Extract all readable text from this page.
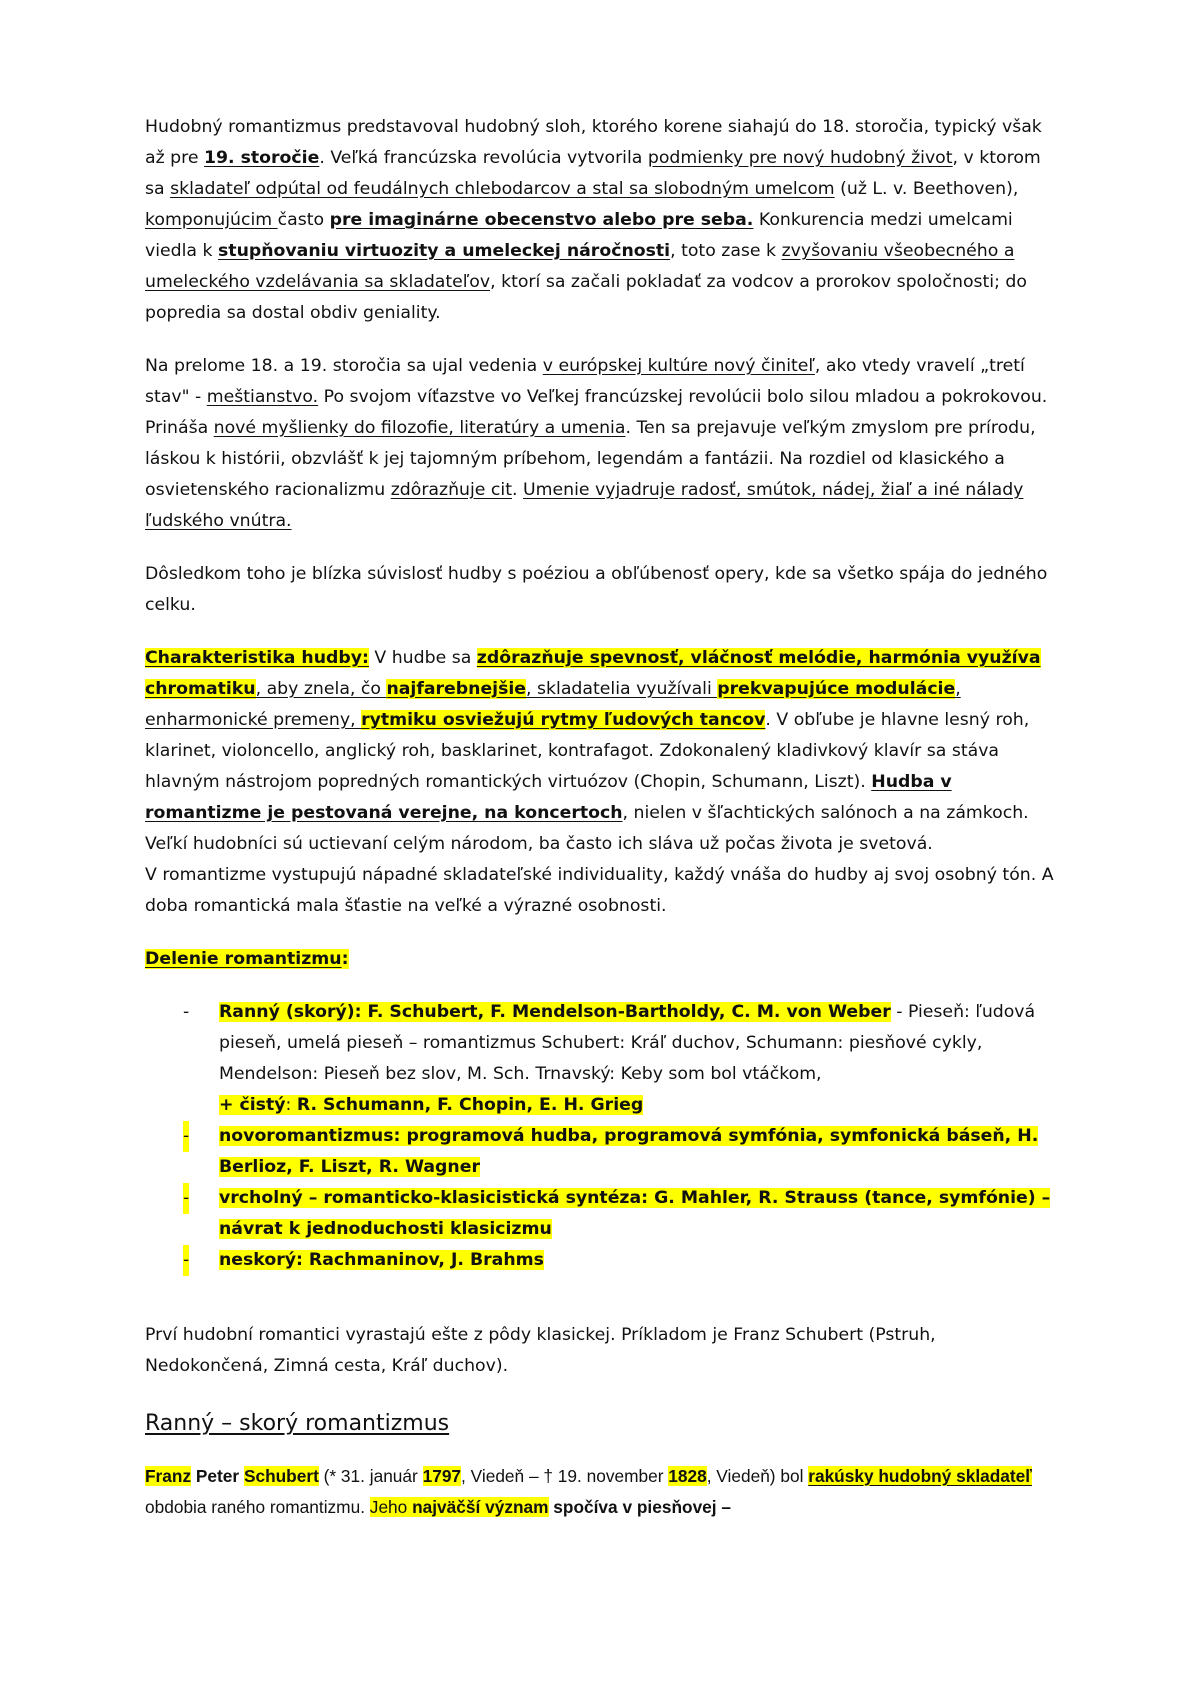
Hudobný romantizmus predstavoval hudobný sloh, ktorého korene siahajú do 18. storočia, typický však až pre 19. storočie. Veľká francúzska revolúcia vytvorila podmienky pre nový hudobný život, v ktorom sa skladateľ odpútal od feudálnych chlebodarcov a stal sa slobodným umelcom (už L. v. Beethoven), komponujúcim často pre imaginárne obecenstvo alebo pre seba. Konkurencia medzi umelcami viedla k stupňovaniu virtuozity a umeleckej náročnosti, toto zase k zvyšovaniu všeobecného a umeleckého vzdelávania sa skladateľov, ktorí sa začali pokladať za vodcov a prorokov spoločnosti; do popredia sa dostal obdiv geniality.

Na prelome 18. a 19. storočia sa ujal vedenia v európskej kultúre nový činiteľ, ako vtedy vravelí „tretí stav" - meštianstvo. Po svojom víťazstve vo Veľkej francúzskej revolúcii bolo silou mladou a pokrokovou. Prináša nové myšlienky do filozofie, literatúry a umenia. Ten sa prejavuje veľkým zmyslom pre prírodu, láskou k histórii, obzvlášť k jej tajomným príbehom, legendám a fantázii. Na rozdiel od klasického a osvietenského racionalizmu zdôrazňuje cit. Umenie vyjadruje radosť, smútok, nádej, žiaľ a iné nálady ľudského vnútra.

Dôsledkom toho je blízka súvislosť hudby s poéziou a obľúbenosť opery, kde sa všetko spája do jedného celku.

Charakteristika hudby: V hudbe sa zdôrazňuje spevnosť, vláčnosť melódie, harmónia využíva chromatiku, aby znela, čo najfarebnejšie, skladatelia využívali prekvapujúce modulácie, enharmonické premeny, rytmiku osviežujú rytmy ľudových tancov. V obľube je hlavne lesný roh, klarinet, violoncello, anglický roh, basklarinet, kontrafagot. Zdokonalený kladivkový klavír sa stáva hlavným nástrojom popredných romantických virtuózov (Chopin, Schumann, Liszt). Hudba v romantizme je pestovaná verejne, na koncertoch, nielen v šľachtických salónoch a na zámkoch. Veľkí hudobníci sú uctievaní celým národom, ba často ich sláva už počas života je svetová.
V romantizme vystupujú nápadné skladateľské individuality, každý vnáša do hudby aj svoj osobný tón. A doba romantická mala šťastie na veľké a výrazné osobnosti.

Delenie romantizmu:

- Ranný (skorý): F. Schubert, F. Mendelson-Bartholdy, C. M. von Weber - Pieseň: ľudová pieseň, umelá pieseň – romantizmus Schubert: Kráľ duchov, Schumann: piesňové cykly, Mendelson: Pieseň bez slov, M. Sch. Trnavský: Keby som bol vtáčkom,
+ čistý: R. Schumann, F. Chopin, E. H. Grieg
- novoromantizmus: programová hudba, programová symfónia, symfonická báseň, H. Berlioz, F. Liszt, R. Wagner
- vrcholný – romanticko-klasicistická syntéza: G. Mahler, R. Strauss (tance, symfónie) – návrat k jednoduchosti klasicizmu
- neskorý: Rachmaninov, J. Brahms

Prví hudobní romantici vyrastajú ešte z pôdy klasickej. Príkladom je Franz Schubert (Pstruh, Nedokončená, Zimná cesta, Kráľ duchov).

Ranný – skorý romantizmus

Franz Peter Schubert (* 31. január 1797, Viedeň – † 19. november 1828, Viedeň) bol rakúsky hudobný skladateľ obdobia raného romantizmu. Jeho najväčší význam spočíva v piesňovej –
